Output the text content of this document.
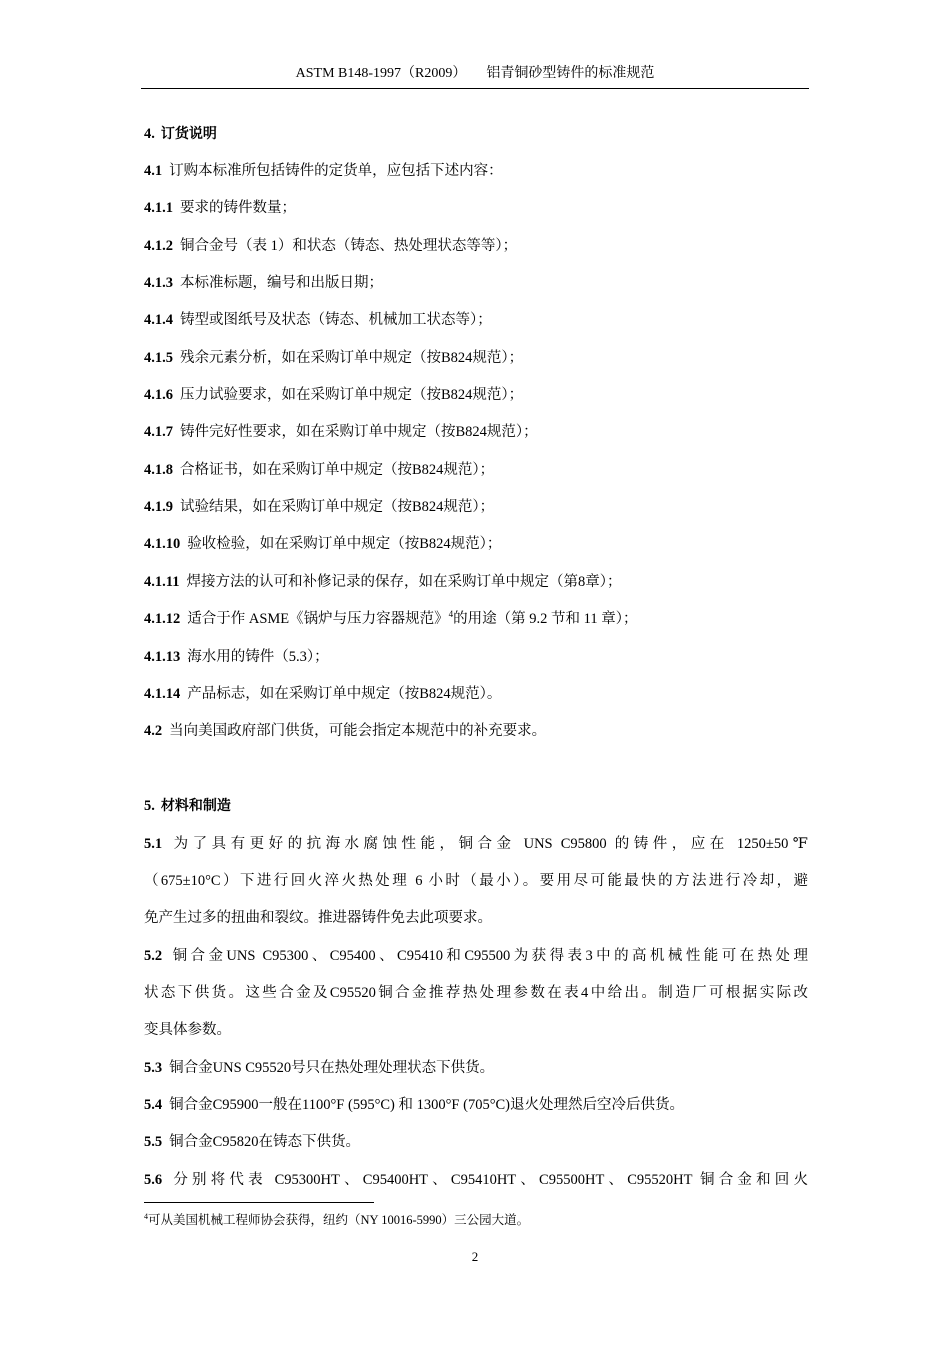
ASTM B148-1997（R2009） 铝青铜砂型铸件的标准规范
4. 订货说明
4.1 订购本标准所包括铸件的定货单，应包括下述内容：
4.1.1 要求的铸件数量；
4.1.2 铜合金号（表 1）和状态（铸态、热处理状态等等）；
4.1.3 本标准标题，编号和出版日期；
4.1.4 铸型或图纸号及状态（铸态、机械加工状态等）；
4.1.5 残余元素分析，如在采购订单中规定（按B824规范）；
4.1.6 压力试验要求，如在采购订单中规定（按B824规范）；
4.1.7 铸件完好性要求，如在采购订单中规定（按B824规范）；
4.1.8 合格证书，如在采购订单中规定（按B824规范）；
4.1.9 试验结果，如在采购订单中规定（按B824规范）；
4.1.10 验收检验，如在采购订单中规定（按B824规范）；
4.1.11 焊接方法的认可和补修记录的保存，如在采购订单中规定（第8章）；
4.1.12 适合于作 ASME《锅炉与压力容器规范》$^4$的用途（第 9.2 节和 11 章）；
4.1.13 海水用的铸件（5.3）；
4.1.14 产品标志，如在采购订单中规定（按B824规范）。
4.2 当向美国政府部门供货，可能会指定本规范中的补充要求。
5. 材料和制造
5.1 为了具有更好的抗海水腐蚀性能，铜合金 UNS C95800 的铸件，应在 1250±50℉
（675±10°C）下进行回火淬火热处理 6 小时（最小）。要用尽可能最快的方法进行冷却，避
免产生过多的扭曲和裂纹。推进器铸件免去此项要求。
5.2 铜合金UNS C95300、C95400、C95410和C95500为获得表3中的高机械性能可在热处理
状态下供货。这些合金及C95520铜合金推荐热处理参数在表4中给出。制造厂可根据实际改
变具体参数。
5.3 铜合金UNS C95520号只在热处理处理状态下供货。
5.4 铜合金C95900一般在1100°F (595°C) 和 1300°F (705°C)退火处理然后空冷后供货。
5.5 铜合金C95820在铸态下供货。
5.6 分别将代表 C95300HT、C95400HT、C95410HT、C95500HT、C95520HT 铜合金和回火
$^4$可从美国机械工程师协会获得，纽约（NY 10016-5990）三公园大道。
2
